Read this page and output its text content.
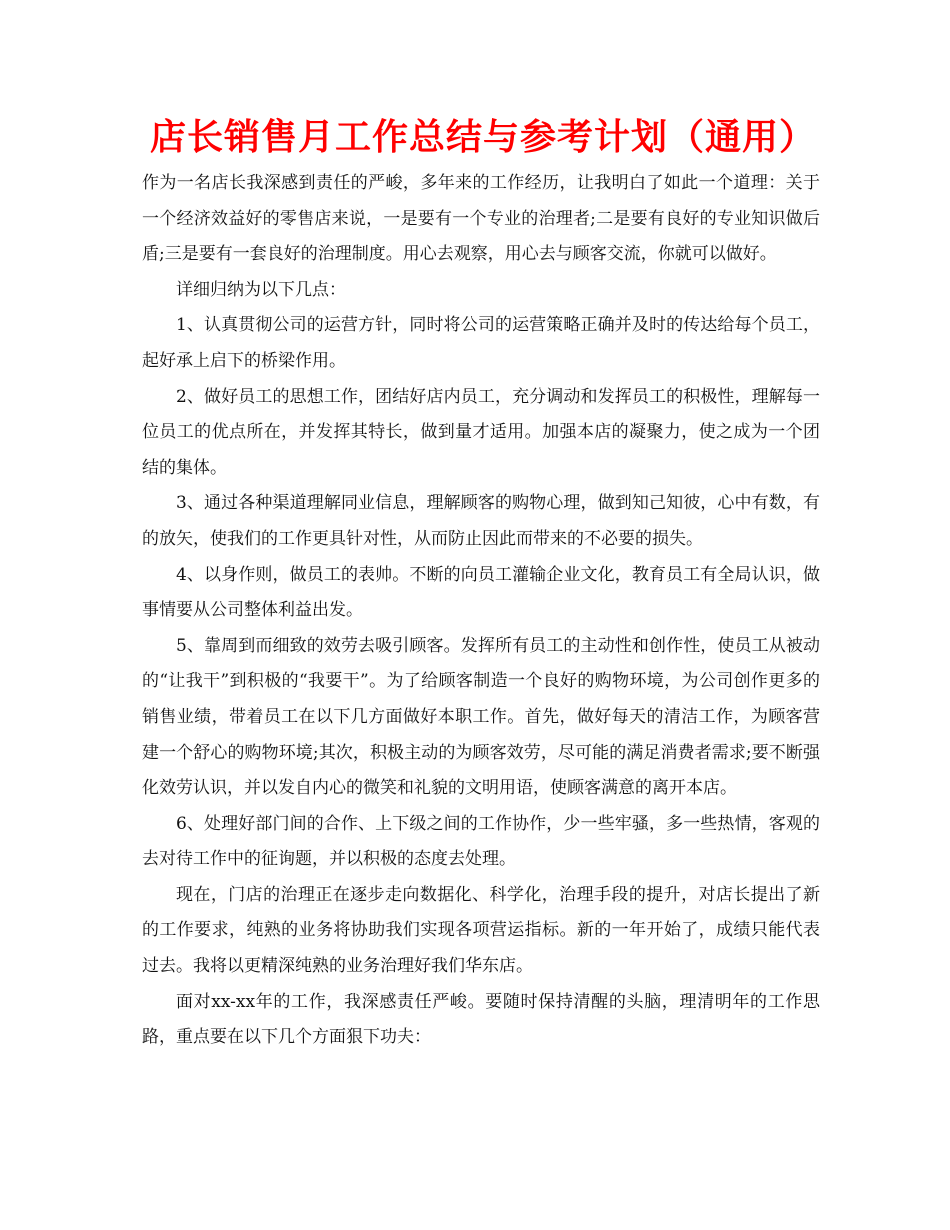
店长销售月工作总结与参考计划（通用）

作为一名店长我深感到责任的严峻，多年来的工作经历，让我明白了如此一个道理：关于一个经济效益好的零售店来说，一是要有一个专业的治理者;二是要有良好的专业知识做后盾;三是要有一套良好的治理制度。用心去观察，用心去与顾客交流，你就可以做好。

详细归纳为以下几点：

1、认真贯彻公司的运营方针，同时将公司的运营策略正确并及时的传达给每个员工，起好承上启下的桥梁作用。

2、做好员工的思想工作，团结好店内员工，充分调动和发挥员工的积极性，理解每一位员工的优点所在，并发挥其特长，做到量才适用。加强本店的凝聚力，使之成为一个团结的集体。

3、通过各种渠道理解同业信息，理解顾客的购物心理，做到知己知彼，心中有数，有的放矢，使我们的工作更具针对性，从而防止因此而带来的不必要的损失。

4、以身作则，做员工的表帅。不断的向员工灌输企业文化，教育员工有全局认识，做事情要从公司整体利益出发。

5、靠周到而细致的效劳去吸引顾客。发挥所有员工的主动性和创作性，使员工从被动的“让我干”到积极的“我要干”。为了给顾客制造一个良好的购物环境，为公司创作更多的销售业绩，带着员工在以下几方面做好本职工作。首先，做好每天的清洁工作，为顾客营建一个舒心的购物环境;其次，积极主动的为顾客效劳，尽可能的满足消费者需求;要不断强化效劳认识，并以发自内心的微笑和礼貌的文明用语，使顾客满意的离开本店。

6、处理好部门间的合作、上下级之间的工作协作，少一些牢骚，多一些热情，客观的去对待工作中的征询题，并以积极的态度去处理。

现在，门店的治理正在逐步走向数据化、科学化，治理手段的提升，对店长提出了新的工作要求，纯熟的业务将协助我们实现各项营运指标。新的一年开始了，成绩只能代表过去。我将以更精深纯熟的业务治理好我们华东店。

面对xx-xx年的工作，我深感责任严峻。要随时保持清醒的头脑，理清明年的工作思路，重点要在以下几个方面狠下功夫：
